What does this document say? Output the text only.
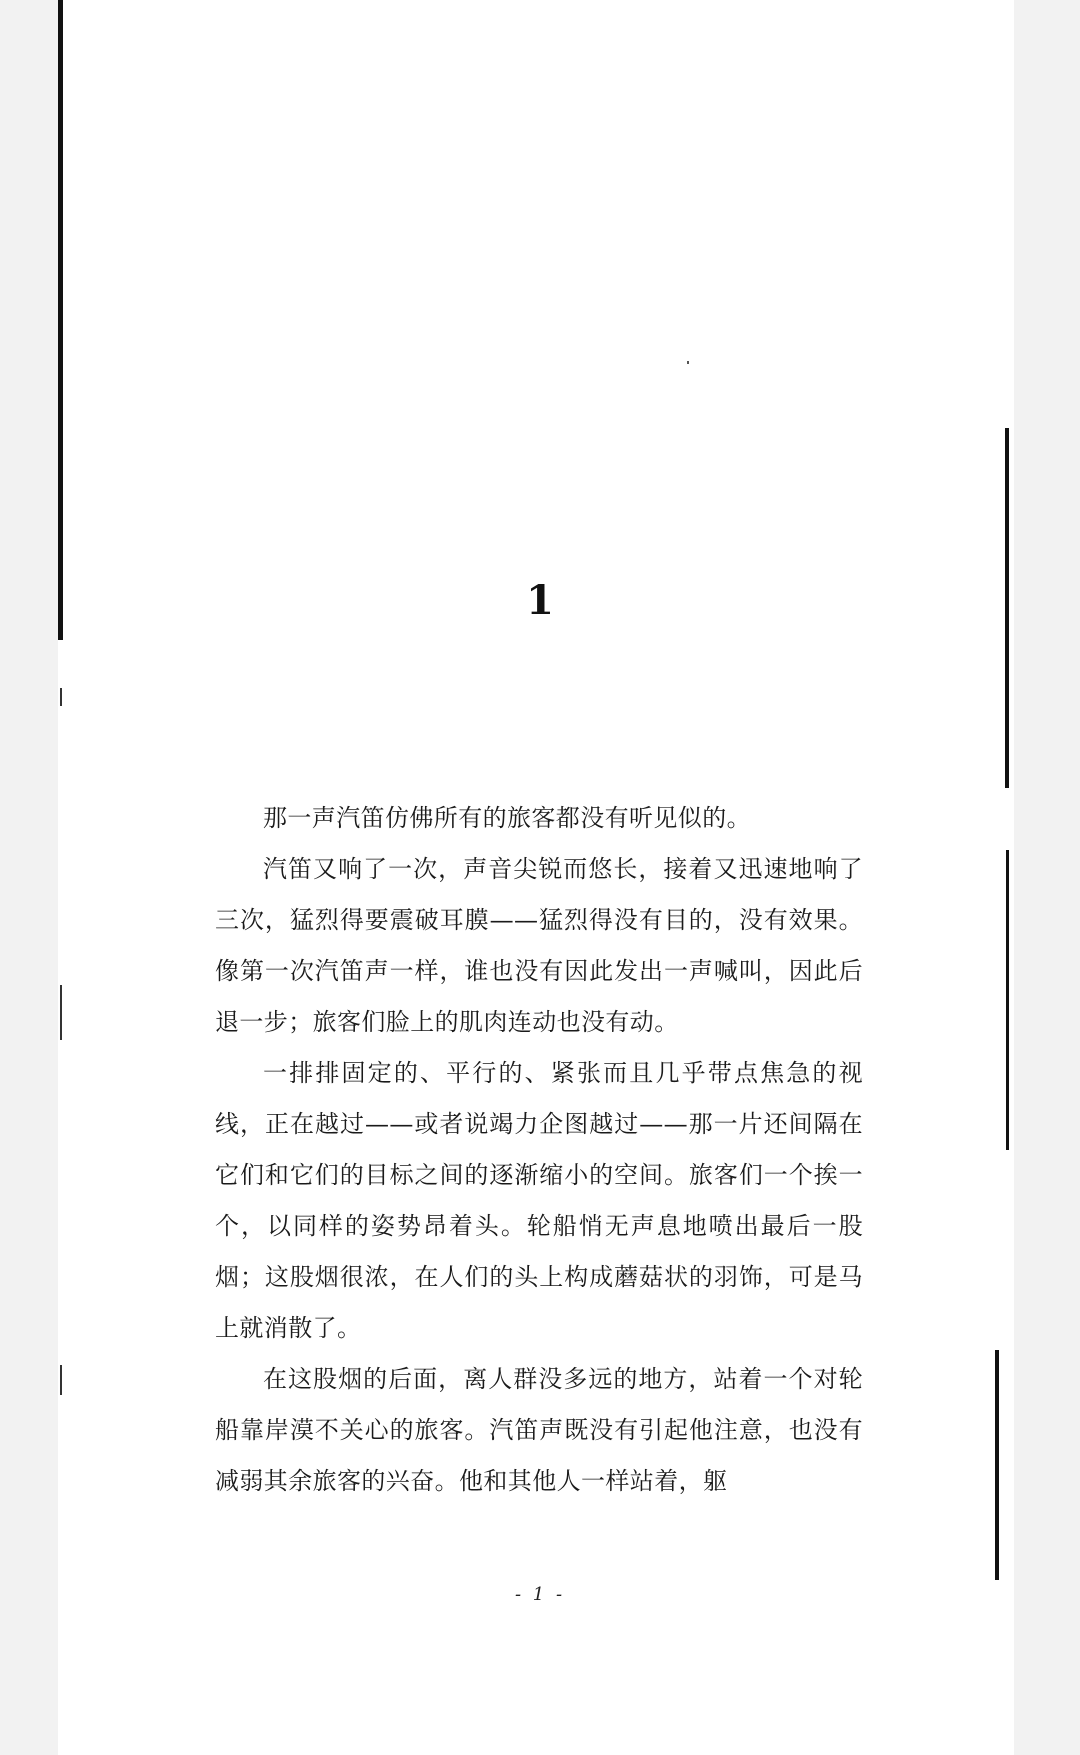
1

那一声汽笛仿佛所有的旅客都没有听见似的。

汽笛又响了一次，声音尖锐而悠长，接着又迅速地响了三次，猛烈得要震破耳膜——猛烈得没有目的，没有效果。像第一次汽笛声一样，谁也没有因此发出一声喊叫，因此后退一步；旅客们脸上的肌肉连动也没有动。

一排排固定的、平行的、紧张而且几乎带点焦急的视线，正在越过——或者说竭力企图越过——那一片还间隔在它们和它们的目标之间的逐渐缩小的空间。旅客们一个挨一个，以同样的姿势昂着头。轮船悄无声息地喷出最后一股烟；这股烟很浓，在人们的头上构成蘑菇状的羽饰，可是马上就消散了。

在这股烟的后面，离人群没多远的地方，站着一个对轮船靠岸漠不关心的旅客。汽笛声既没有引起他注意，也没有减弱其余旅客的兴奋。他和其他人一样站着，躯

- 1 -
